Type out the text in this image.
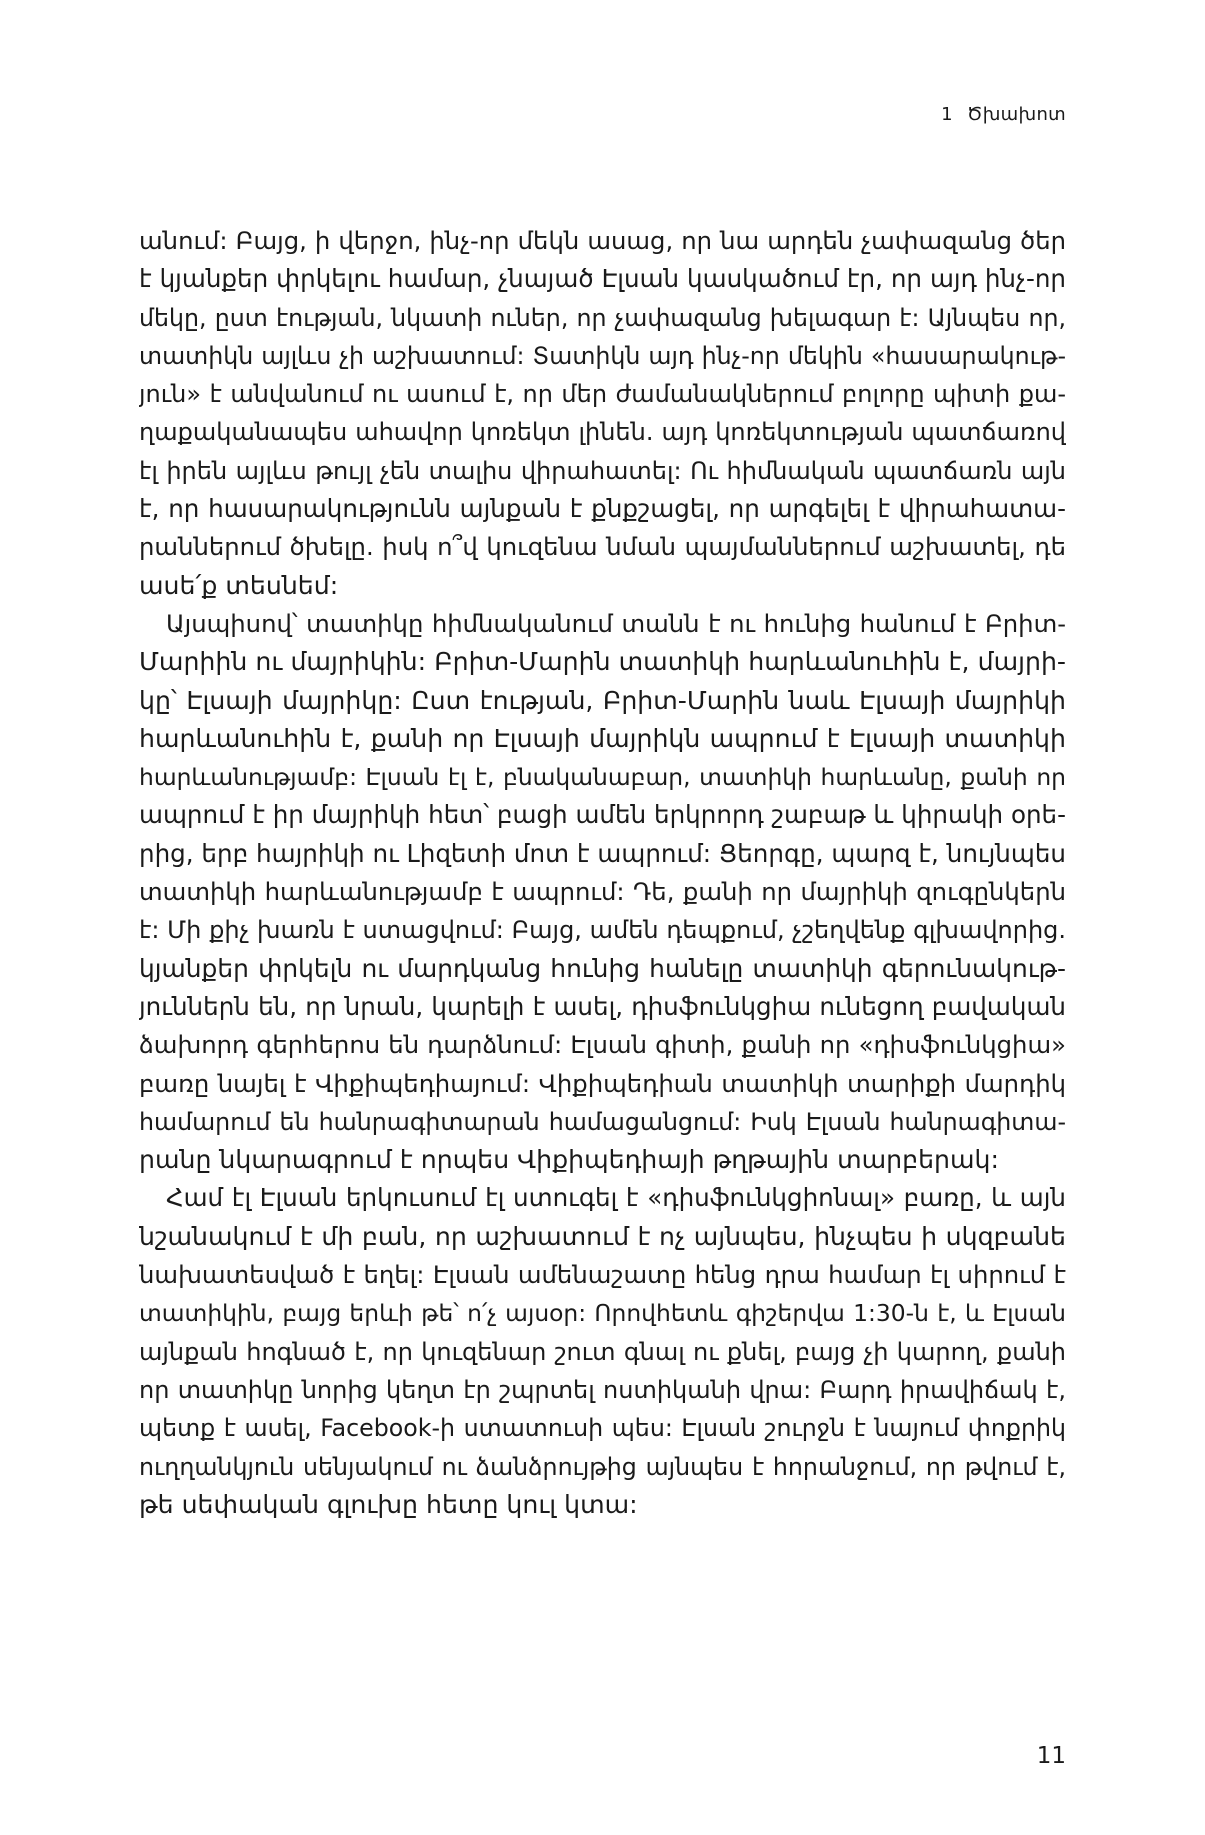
1 Ծխախոտ
անում: Բայց, ի վերջո, ինչ-որ մեկն ասաց, որ նա արդեն չափազանց ծեր
է կյանքեր փրկելու համար, չնայած Էլսան կասկածում էր, որ այդ ինչ-որ
մեկը, ըստ էության, նկատի ուներ, որ չափազանց խելագար է: Այնպես որ,
տատիկն այլևս չի աշխատում: Տատիկն այդ ինչ-որ մեկին «հասարակութ-
յուն» է անվանում ու ասում է, որ մեր ժամանակներում բոլորը պիտի քա-
ղաքականապես ահավոր կոռեկտ լինեն. այդ կոռեկտության պատճառով
էլ իրեն այլևս թույլ չեն տալիս վիրահատել: Ու հիմնական պատճառն այն
է, որ հասարակությունն այնքան է քնքշացել, որ արգելել է վիրահատա-
րաններում ծխելը. իսկ ո՞վ կուզենա նման պայմաններում աշխատել, դե
ասե՛ք տեսնեմ:
Այսպիսով՝ տատիկը հիմնականում տանն է ու հունից հանում է Բրիտ-
Մարիին ու մայրիկին: Բրիտ-Մարին տատիկի հարևանուհին է, մայրի-
կը՝ Էլսայի մայրիկը: Ըստ էության, Բրիտ-Մարին նաև Էլսայի մայրիկի
հարևանուհին է, քանի որ Էլսայի մայրիկն ապրում է Էլսայի տատիկի
հարևանությամբ: Էլսան էլ է, բնականաբար, տատիկի հարևանը, քանի որ
ապրում է իր մայրիկի հետ՝ բացի ամեն երկրորդ շաբաթ և կիրակի օրե-
րից, երբ հայրիկի ու Լիզետի մոտ է ապրում: Ցեորգը, պարզ է, նույնպես
տատիկի հարևանությամբ է ապրում: Դե, քանի որ մայրիկի զուգընկերն
է: Մի քիչ խառն է ստացվում: Բայց, ամեն դեպքում, չշեղվենք գլխավորից.
կյանքեր փրկելն ու մարդկանց հունից հանելը տատիկի գերունակութ-
յուններն են, որ նրան, կարելի է ասել, դիսֆունկցիա ունեցող բավական
ձախորդ գերհերոս են դարձնում: Էլսան գիտի, քանի որ «դիսֆունկցիա»
բառը նայել է Վիքիպեդիայում: Վիքիպեդիան տատիկի տարիքի մարդիկ
համարում են հանրագիտարան համացանցում: Իսկ Էլսան հանրագիտա-
րանը նկարագրում է որպես Վիքիպեդիայի թղթային տարբերակ:
Համ էլ Էլսան երկուսում էլ ստուգել է «դիսֆունկցիոնալ» բառը, և այն
նշանակում է մի բան, որ աշխատում է ոչ այնպես, ինչպես ի սկզբանե
նախատեսված է եղել: Էլսան ամենաշատը հենց դրա համար էլ սիրում է
տատիկին, բայց երևի թե՝ ո՛չ այսօր: Որովհետև գիշերվա 1:30-ն է, և Էլսան
այնքան հոգնած է, որ կուզենար շուտ գնալ ու քնել, բայց չի կարող, քանի
որ տատիկը նորից կեղտ էր շպրտել ոստիկանի վրա: Բարդ իրավիճակ է,
պետք է ասել, Facebook-ի ստատուսի պես: Էլսան շուրջն է նայում փոքրիկ
ուղղանկյուն սենյակում ու ձանձրույթից այնպես է հորանջում, որ թվում է,
թե սեփական գլուխը հետը կուլ կտա:
11
